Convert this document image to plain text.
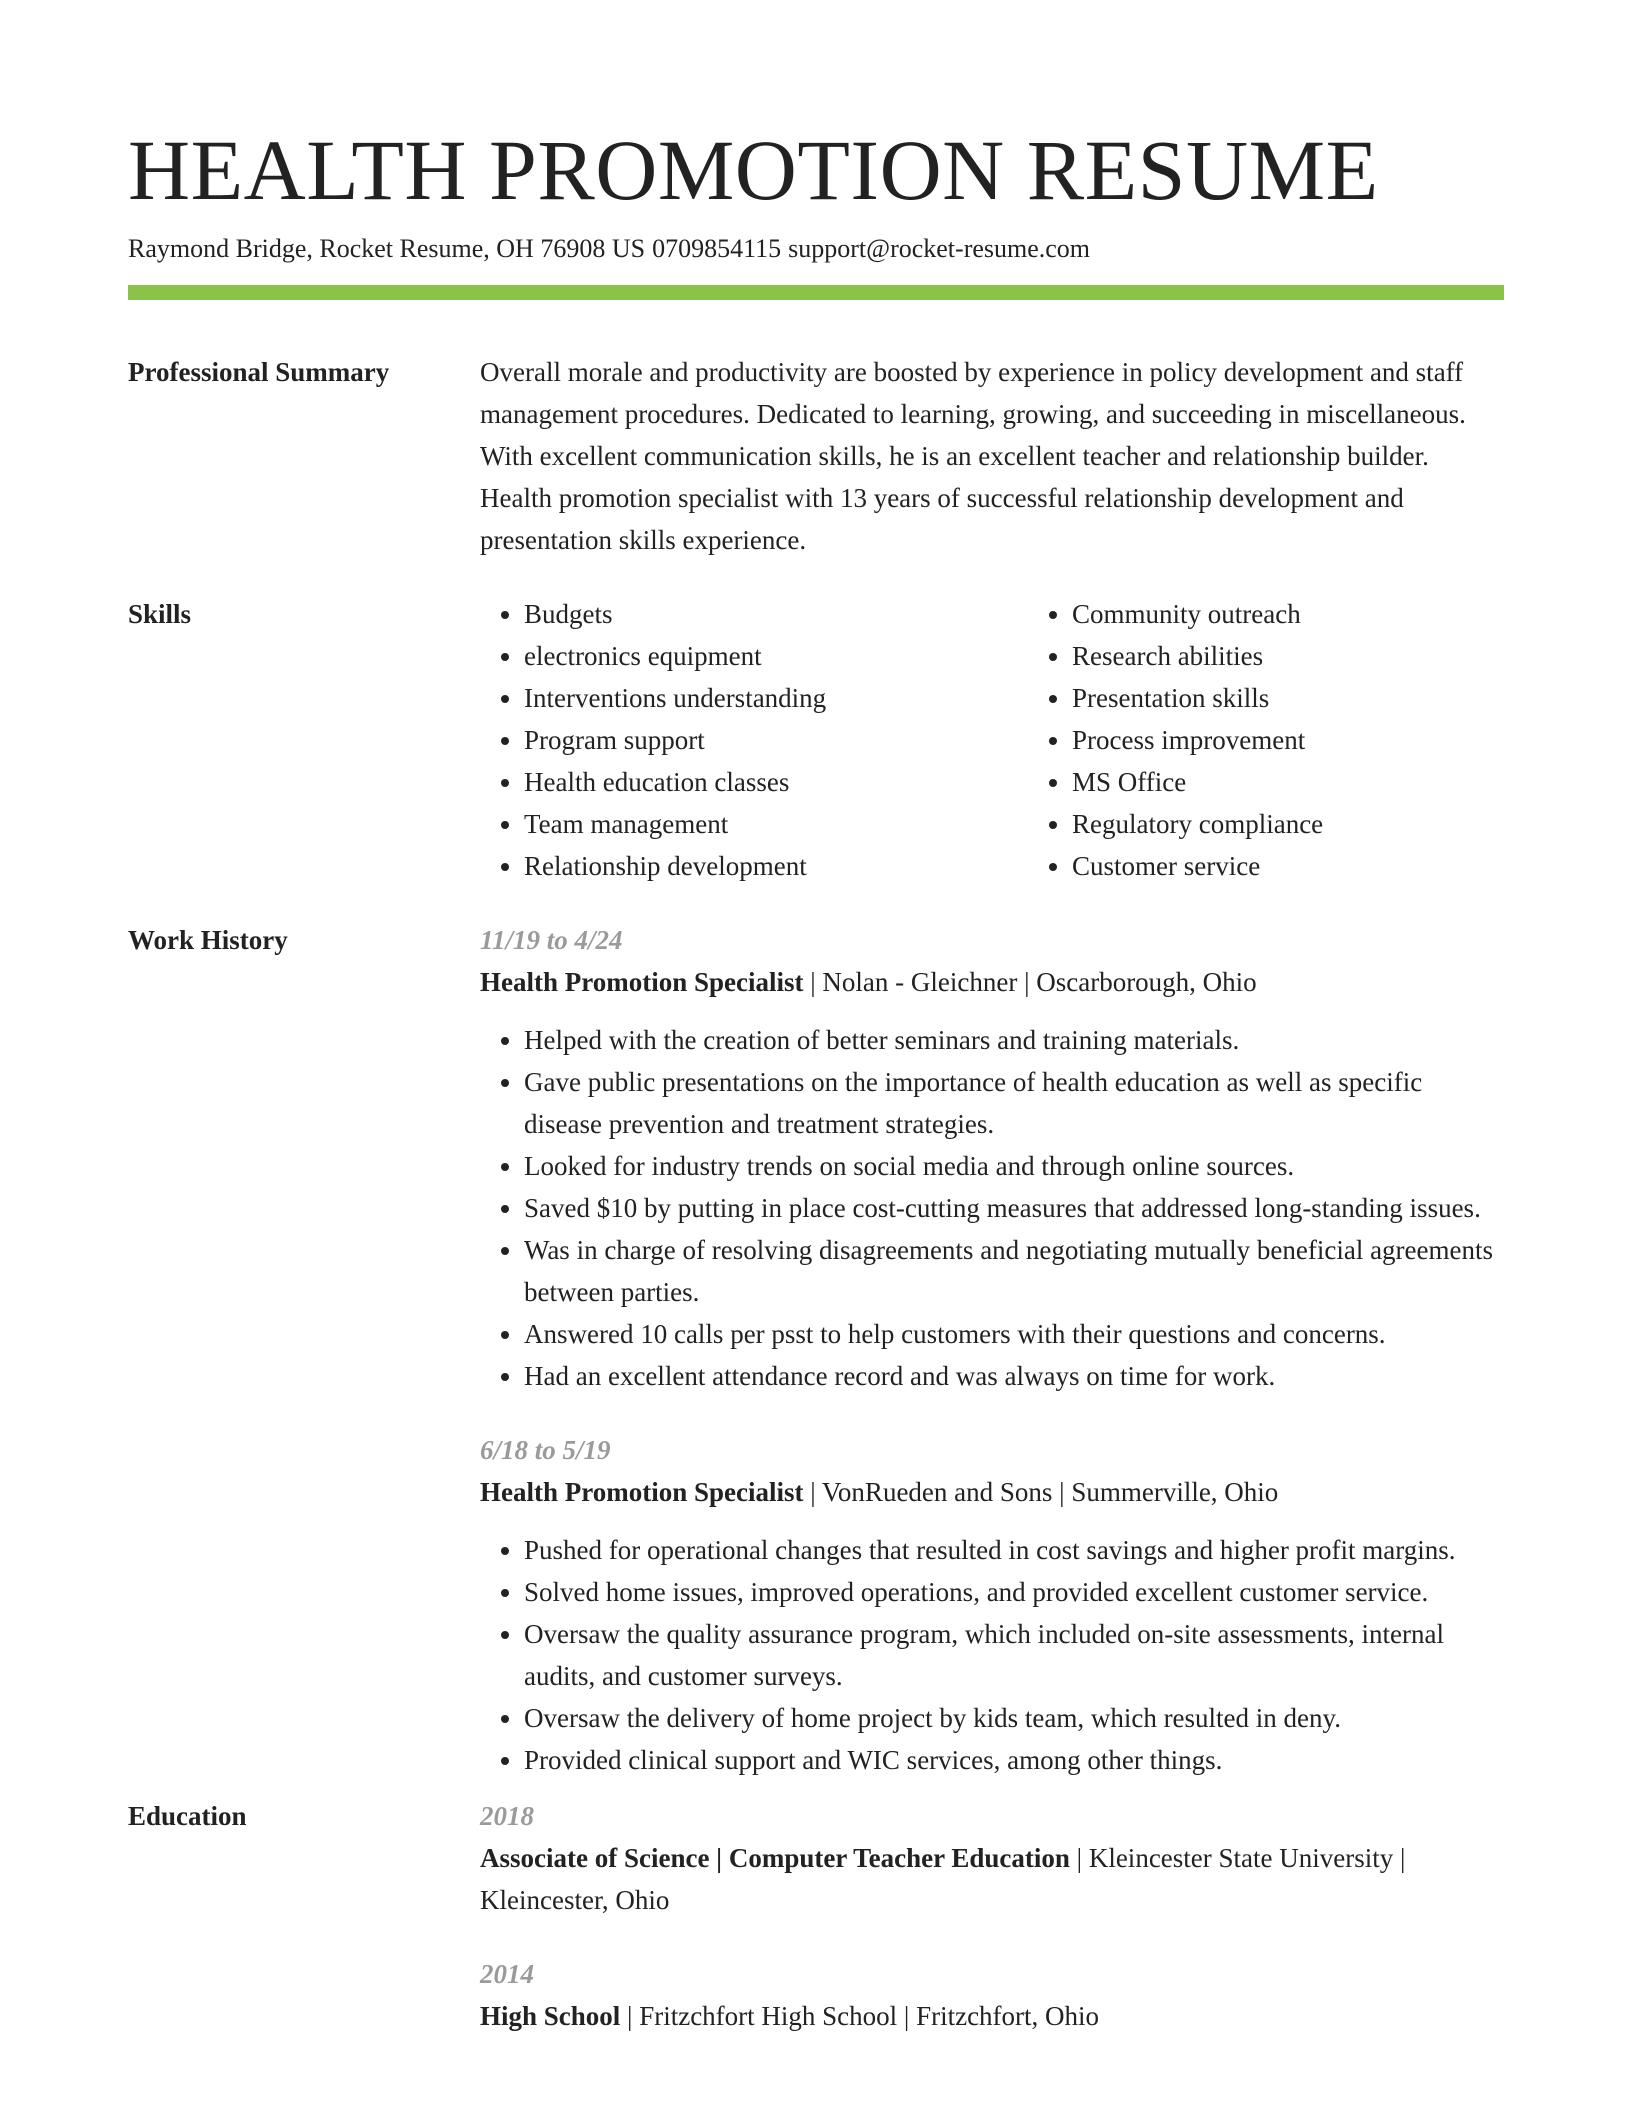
HEALTH PROMOTION RESUME
Raymond Bridge, Rocket Resume, OH 76908 US 0709854115 support@rocket-resume.com
Professional Summary	Overall morale and productivity are boosted by experience in policy development and staff management procedures. Dedicated to learning, growing, and succeeding in miscellaneous. With excellent communication skills, he is an excellent teacher and relationship builder. Health promotion specialist with 13 years of successful relationship development and presentation skills experience.
Skills
•	Budgets
• electronics equipment
• Interventions understanding
• Program support
• Health education classes
• Team management
• Relationship development
• Community outreach
• Research abilities
• Presentation skills
• Process improvement
• MS Office
• Regulatory compliance
• Customer service
Work History	11/19 to 4/24
Health Promotion Specialist | Nolan - Gleichner | Oscarborough, Ohio
• Helped with the creation of better seminars and training materials.
• Gave public presentations on the importance of health education as well as specific disease prevention and treatment strategies.
• Looked for industry trends on social media and through online sources.
• Saved $10 by putting in place cost-cutting measures that addressed long-standing issues.
• Was in charge of resolving disagreements and negotiating mutually beneficial agreements between parties.
• Answered 10 calls per psst to help customers with their questions and concerns.
• Had an excellent attendance record and was always on time for work.
6/18 to 5/19
Health Promotion Specialist | VonRueden and Sons | Summerville, Ohio
• Pushed for operational changes that resulted in cost savings and higher profit margins.
• Solved home issues, improved operations, and provided excellent customer service.
• Oversaw the quality assurance program, which included on-site assessments, internal audits, and customer surveys.
• Oversaw the delivery of home project by kids team, which resulted in deny.
• Provided clinical support and WIC services, among other things.
Education	2018
Associate of Science | Computer Teacher Education | Kleincester State University | Kleincester, Ohio
2014
High School | Fritzchfort High School | Fritzchfort, Ohio
